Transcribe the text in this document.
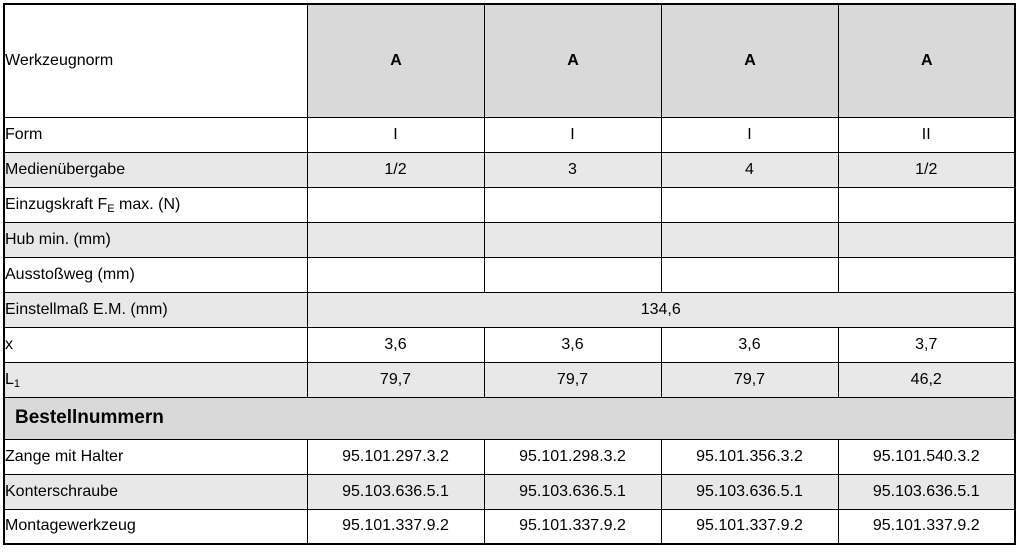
Werkzeugnorm	A	A	A	A
Form	I	I	I	II
Medienübergabe	1/2	3	4	1/2
Einzugskraft $F_E$ max. (N)				
Hub min. (mm)				
Ausstoßweg (mm)				
Einstellmaß E.M. (mm)	134,6			
x	3,6	3,6	3,6	3,7
$L_1$	79,7	79,7	79,7	46,2
Bestellnummern				
Zange mit Halter	95.101.297.3.2	95.101.298.3.2	95.101.356.3.2	95.101.540.3.2
Konterschraube	95.103.636.5.1	95.103.636.5.1	95.103.636.5.1	95.103.636.5.1
Montagewerkzeug	95.101.337.9.2	95.101.337.9.2	95.101.337.9.2	95.101.337.9.2
